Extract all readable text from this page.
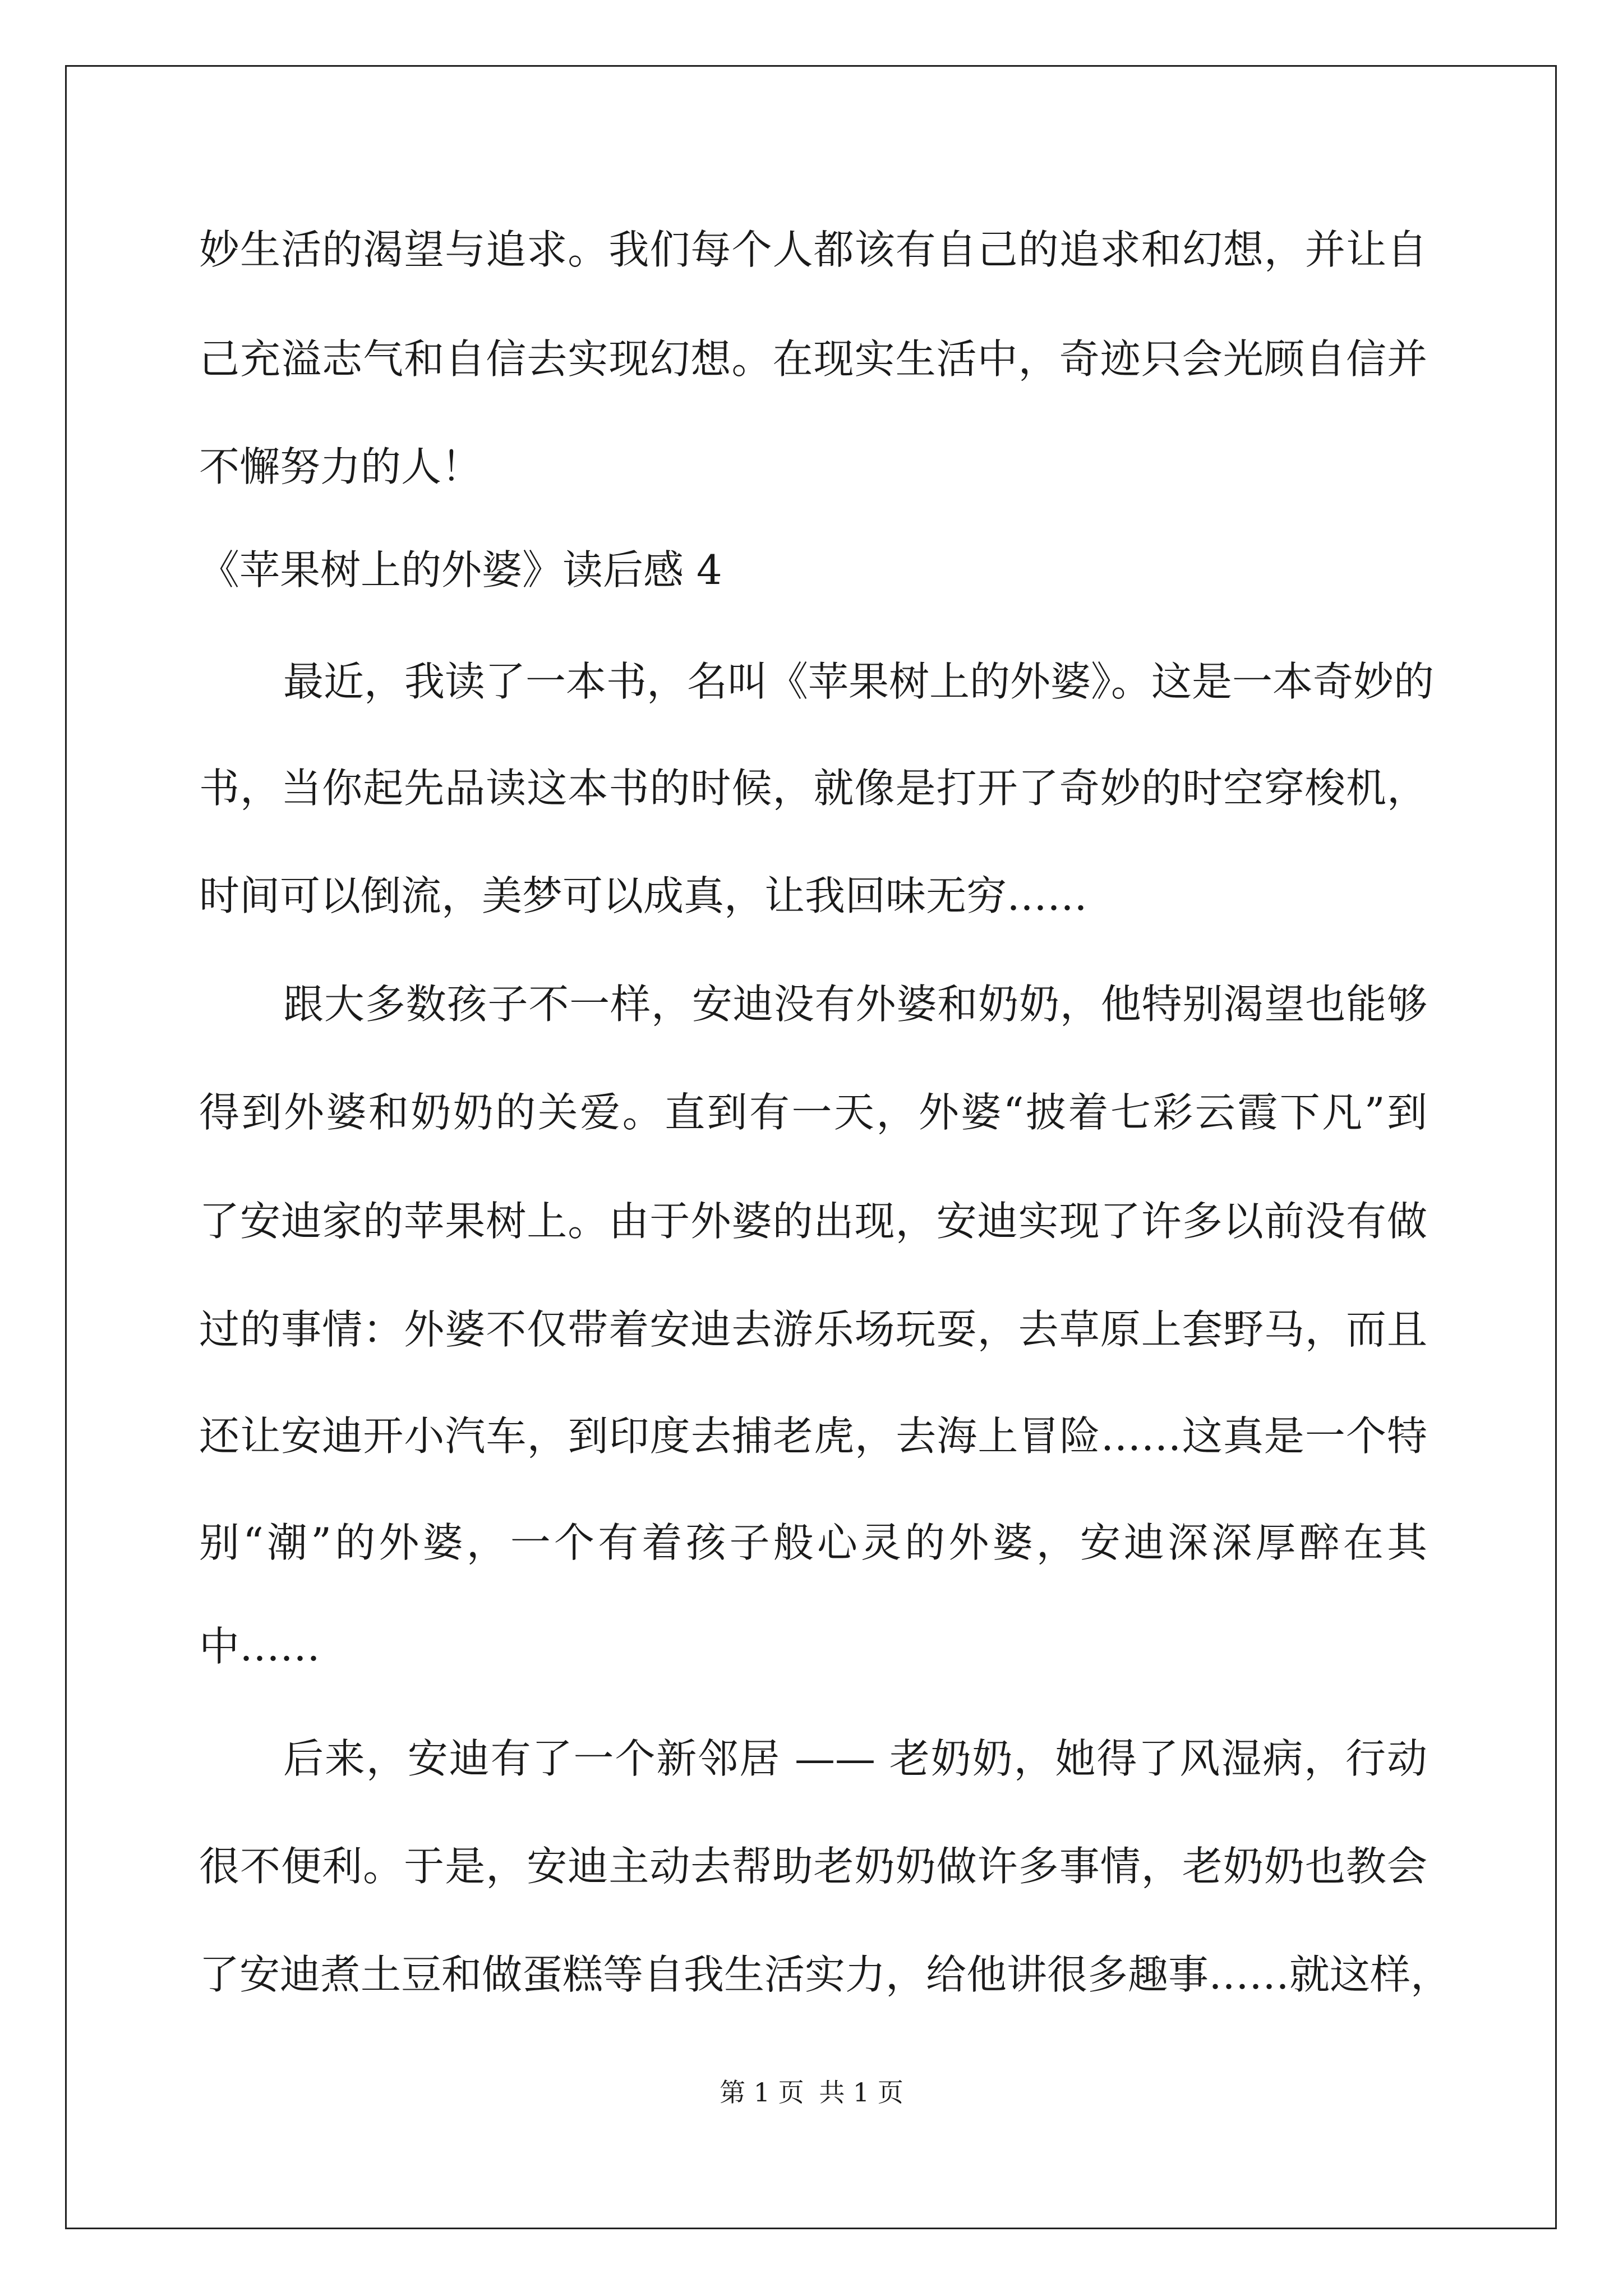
妙生活的渴望与追求。我们每个人都该有自己的追求和幻想，并让自
己充溢志气和自信去实现幻想。在现实生活中，奇迹只会光顾自信并
不懈努力的人！
《苹果树上的外婆》读后感 4
最近，我读了一本书，名叫《苹果树上的外婆》。这是一本奇妙的
书，当你起先品读这本书的时候，就像是打开了奇妙的时空穿梭机，
时间可以倒流，美梦可以成真，让我回味无穷……
跟大多数孩子不一样，安迪没有外婆和奶奶，他特别渴望也能够
得到外婆和奶奶的关爱。直到有一天，外婆“披着七彩云霞下凡”到
了安迪家的苹果树上。由于外婆的出现，安迪实现了许多以前没有做
过的事情：外婆不仅带着安迪去游乐场玩耍，去草原上套野马，而且
还让安迪开小汽车，到印度去捕老虎，去海上冒险……这真是一个特
别“潮”的外婆，一个有着孩子般心灵的外婆，安迪深深厚醉在其
中……
后来，安迪有了一个新邻居 —— 老奶奶，她得了风湿病，行动
很不便利。于是，安迪主动去帮助老奶奶做许多事情，老奶奶也教会
了安迪煮土豆和做蛋糕等自我生活实力，给他讲很多趣事……就这样，
第 1 页 共 1 页
